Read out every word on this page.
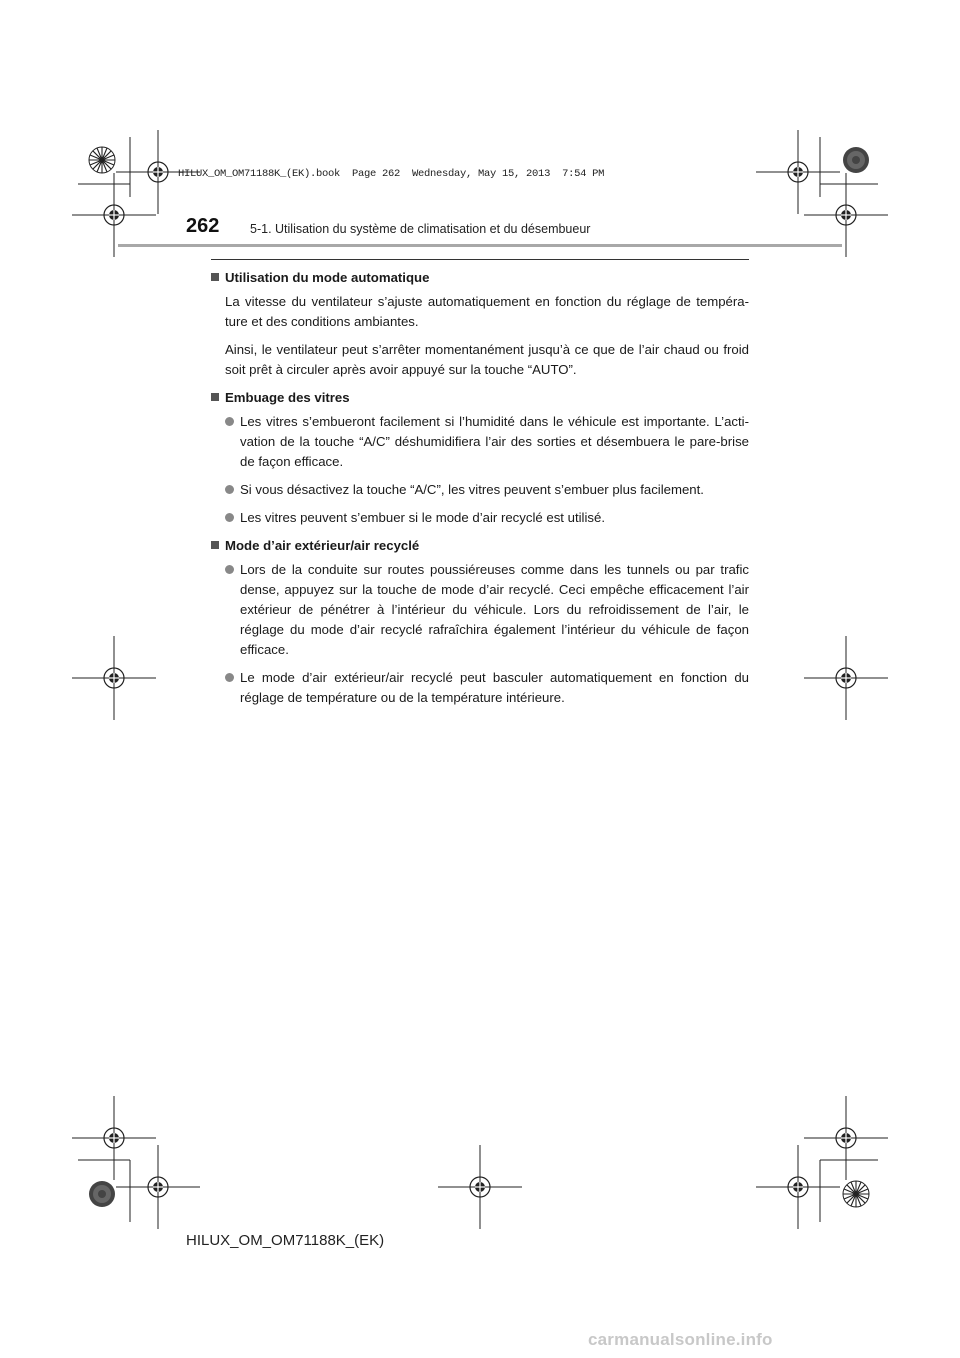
HILUX_OM_OM71188K_(EK).book  Page 262  Wednesday, May 15, 2013  7:54 PM
262 5-1. Utilisation du système de climatisation et du désembueur
Utilisation du mode automatique
La vitesse du ventilateur s’ajuste automatiquement en fonction du réglage de tempéra-ture et des conditions ambiantes.
Ainsi, le ventilateur peut s’arrêter momentanément jusqu’à ce que de l’air chaud ou froid soit prêt à circuler après avoir appuyé sur la touche “AUTO”.
Embuage des vitres
Les vitres s’embueront facilement si l’humidité dans le véhicule est importante. L’acti-vation de la touche “A/C” déshumidifiera l’air des sorties et désembuera le pare-brise de façon efficace.
Si vous désactivez la touche “A/C”, les vitres peuvent s’embuer plus facilement.
Les vitres peuvent s’embuer si le mode d’air recyclé est utilisé.
Mode d’air extérieur/air recyclé
Lors de la conduite sur routes poussiéreuses comme dans les tunnels ou par trafic dense, appuyez sur la touche de mode d’air recyclé. Ceci empêche efficacement l’air extérieur de pénétrer à l’intérieur du véhicule. Lors du refroidissement de l’air, le réglage du mode d’air recyclé rafraîchira également l’intérieur du véhicule de façon efficace.
Le mode d’air extérieur/air recyclé peut basculer automatiquement en fonction du réglage de température ou de la température intérieure.
HILUX_OM_OM71188K_(EK)
carmanualsonline.info
